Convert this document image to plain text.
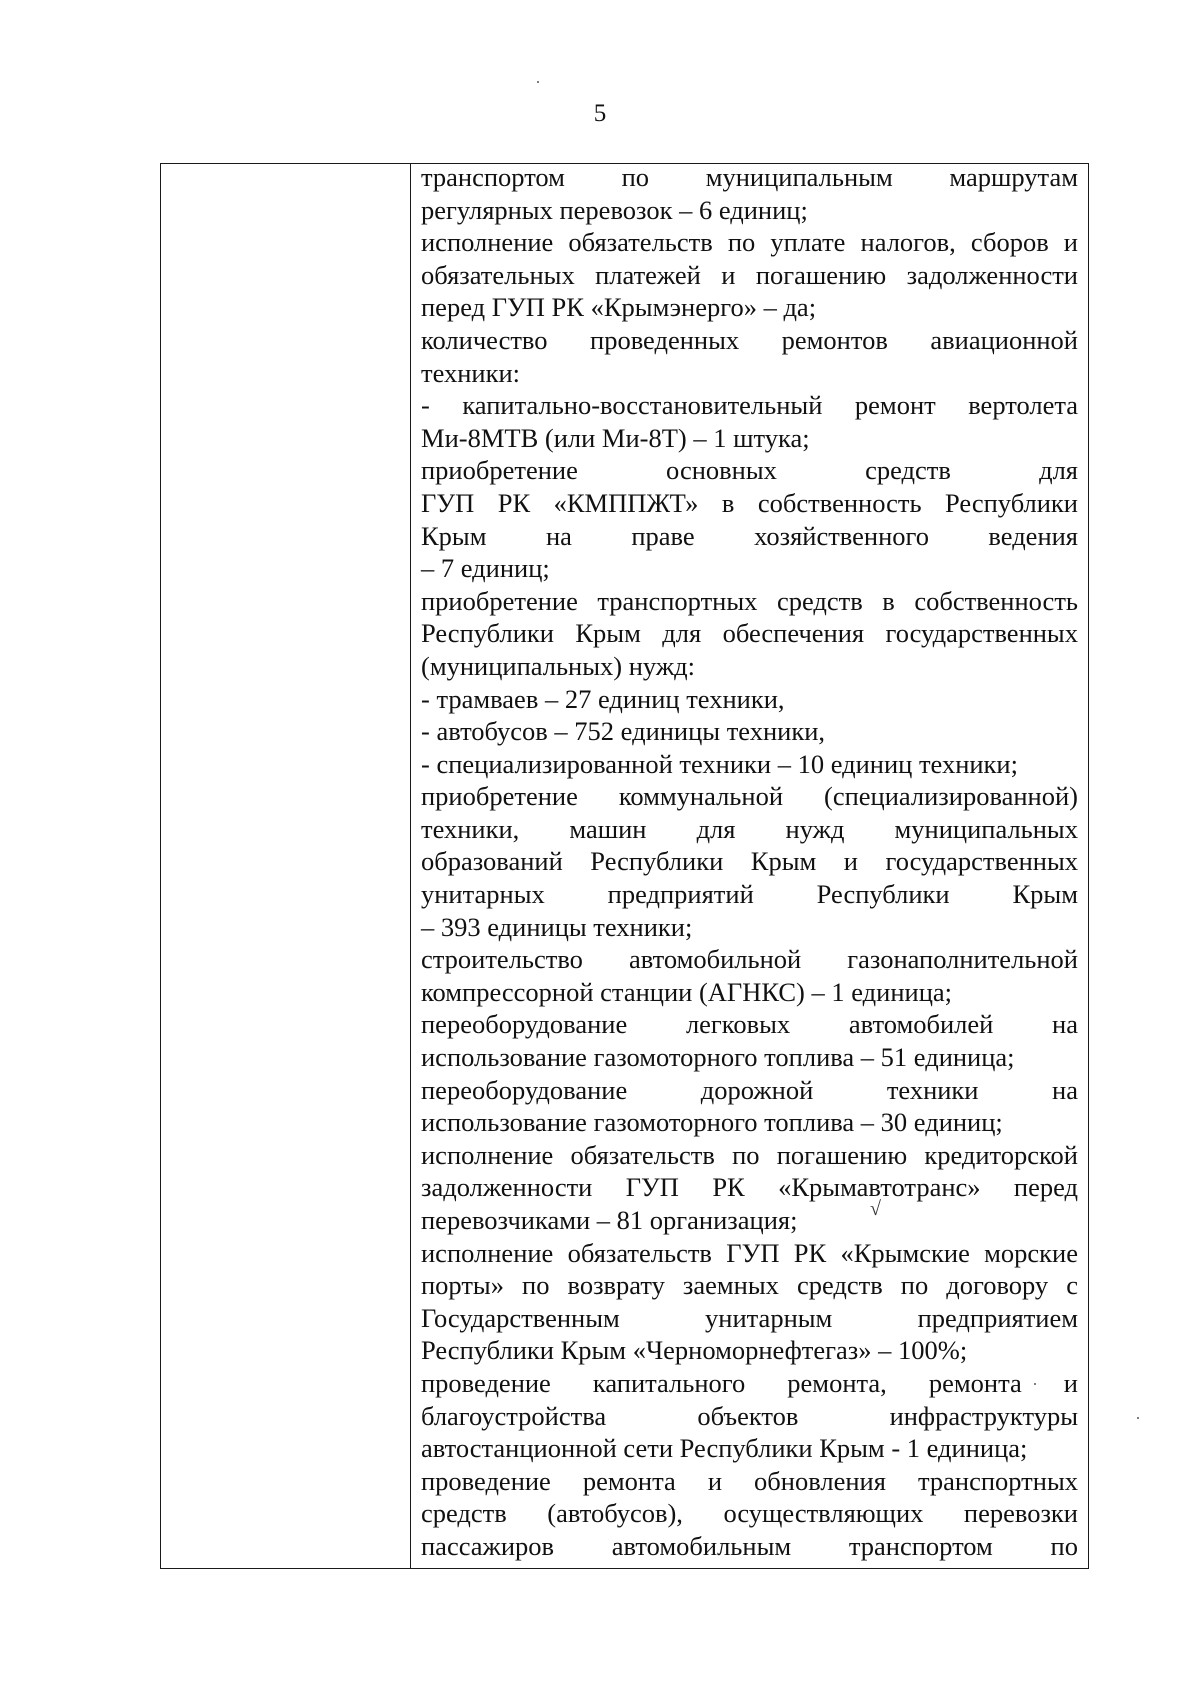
5

транспортом по муниципальным маршрутам
регулярных перевозок – 6 единиц;
исполнение обязательств по уплате налогов, сборов и
обязательных платежей и погашению задолженности
перед ГУП РК «Крымэнерго» – да;
количество проведенных ремонтов авиационной
техники:
- капитально-восстановительный ремонт вертолета
Ми-8МТВ (или Ми-8Т) – 1 штука;
приобретение основных средств для
ГУП РК «КМППЖТ» в собственность Республики
Крым на праве хозяйственного ведения
– 7 единиц;
приобретение транспортных средств в собственность
Республики Крым для обеспечения государственных
(муниципальных) нужд:
- трамваев – 27 единиц техники,
- автобусов – 752 единицы техники,
- специализированной техники – 10 единиц техники;
приобретение коммунальной (специализированной)
техники, машин для нужд муниципальных
образований Республики Крым и государственных
унитарных предприятий Республики Крым
– 393 единицы техники;
строительство автомобильной газонаполнительной
компрессорной станции (АГНКС) – 1 единица;
переоборудование легковых автомобилей на
использование газомоторного топлива – 51 единица;
переоборудование дорожной техники на
использование газомоторного топлива – 30 единиц;
исполнение обязательств по погашению кредиторской
задолженности ГУП РК «Крымавтотранс» перед
перевозчиками – 81 организация;
исполнение обязательств ГУП РК «Крымские морские
порты» по возврату заемных средств по договору с
Государственным унитарным предприятием
Республики Крым «Черноморнефтегаз» – 100%;
проведение капитального ремонта, ремонта и
благоустройства объектов инфраструктуры
автостанционной сети Республики Крым - 1 единица;
проведение ремонта и обновления транспортных
средств (автобусов), осуществляющих перевозки
пассажиров автомобильным транспортом по
√
